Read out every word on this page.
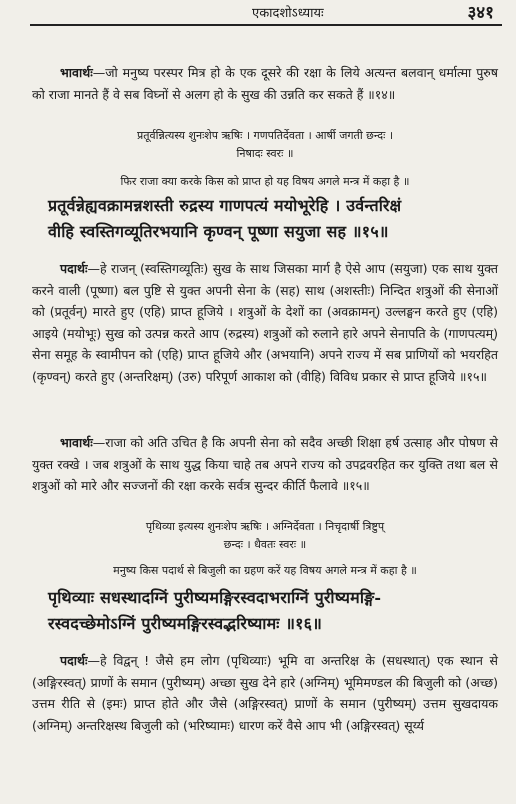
एकादशोऽध्यायः	३४१

भावार्थः—जो मनुष्य परस्पर मित्र हो के एक दूसरे की रक्षा के लिये अत्यन्त बलवान् धर्मात्मा पुरुष को राजा मानते हैं वे सब विघ्नों से अलग हो के सुख की उन्नति कर सकते हैं ॥१४॥

प्रतूर्वन्नित्यस्य शुनःशेप ऋषिः । गणपतिर्देवता । आर्षी जगती छन्दः ।

निषादः स्वरः ॥

फिर राजा क्या करके किस को प्राप्त हो यह विषय अगले मन्त्र में कहा है ॥

प्रतूर्वन्नेह्यवक्रामन्नशस्ती रुद्रस्य गाणपत्यं मयोभूरेहि । उर्वन्तरिक्षं

वीहि स्वस्तिगव्यूतिरभयानि कृण्वन् पूष्णा सयुजा सह ॥१५॥

पदार्थः—हे राजन् (स्वस्तिगव्यूतिः) सुख के साथ जिसका मार्ग है ऐसे आप (सयुजा) एक साथ युक्त करने वाली (पूष्णा) बल पुष्टि से युक्त अपनी सेना के (सह) साथ (अशस्तीः) निन्दित शत्रुओं की सेनाओं को (प्रतूर्वन्) मारते हुए (एहि) प्राप्त हूजिये । शत्रुओं के देशों का (अवक्रामन्) उल्लङ्घन करते हुए (एहि) आइये (मयोभूः) सुख को उत्पन्न करते आप (रुद्रस्य) शत्रुओं को रुलाने हारे अपने सेनापति के (गाणपत्यम्) सेना समूह के स्वामीपन को (एहि) प्राप्त हूजिये और (अभयानि) अपने राज्य में सब प्राणियों को भयरहित (कृण्वन्) करते हुए (अन्तरिक्षम्) (उरु) परिपूर्ण आकाश को (वीहि) विविध प्रकार से प्राप्त हूजिये ॥१५॥

भावार्थः—राजा को अति उचित है कि अपनी सेना को सदैव अच्छी शिक्षा हर्ष उत्साह और पोषण से युक्त रक्खे । जब शत्रुओं के साथ युद्ध किया चाहे तब अपने राज्य को उपद्रवरहित कर युक्ति तथा बल से शत्रुओं को मारे और सज्जनों की रक्षा करके सर्वत्र सुन्दर कीर्ति फैलावे ॥१५॥

पृथिव्या इत्यस्य शुनःशेप ऋषिः । अग्निर्देवता । निचृदार्षी त्रिष्टुप्

छन्दः । धैवतः स्वरः ॥

मनुष्य किस पदार्थ से बिजुली का ग्रहण करें यह विषय अगले मन्त्र में कहा है ॥

पृथिव्याः सधस्थादग्निं पुरीष्यमङ्गिरस्वदाभराग्निं पुरीष्यमङ्गि-

रस्वदच्छेमोऽग्निं पुरीष्यमङ्गिरस्वद्भरिष्यामः ॥१६॥

पदार्थः—हे विद्वन् ! जैसे हम लोग (पृथिव्याः) भूमि वा अन्तरिक्ष के (सधस्थात्) एक स्थान से (अङ्गिरस्वत्) प्राणों के समान (पुरीष्यम्) अच्छा सुख देने हारे (अग्निम्) भूमिमण्डल की बिजुली को (अच्छ) उत्तम रीति से (इमः) प्राप्त होते और जैसे (अङ्गिरस्वत्) प्राणों के समान (पुरीष्यम्) उत्तम सुखदायक (अग्निम्) अन्तरिक्षस्थ बिजुली को (भरिष्यामः) धारण करें वैसे आप भी (अङ्गिरस्वत्) सूर्य्य
